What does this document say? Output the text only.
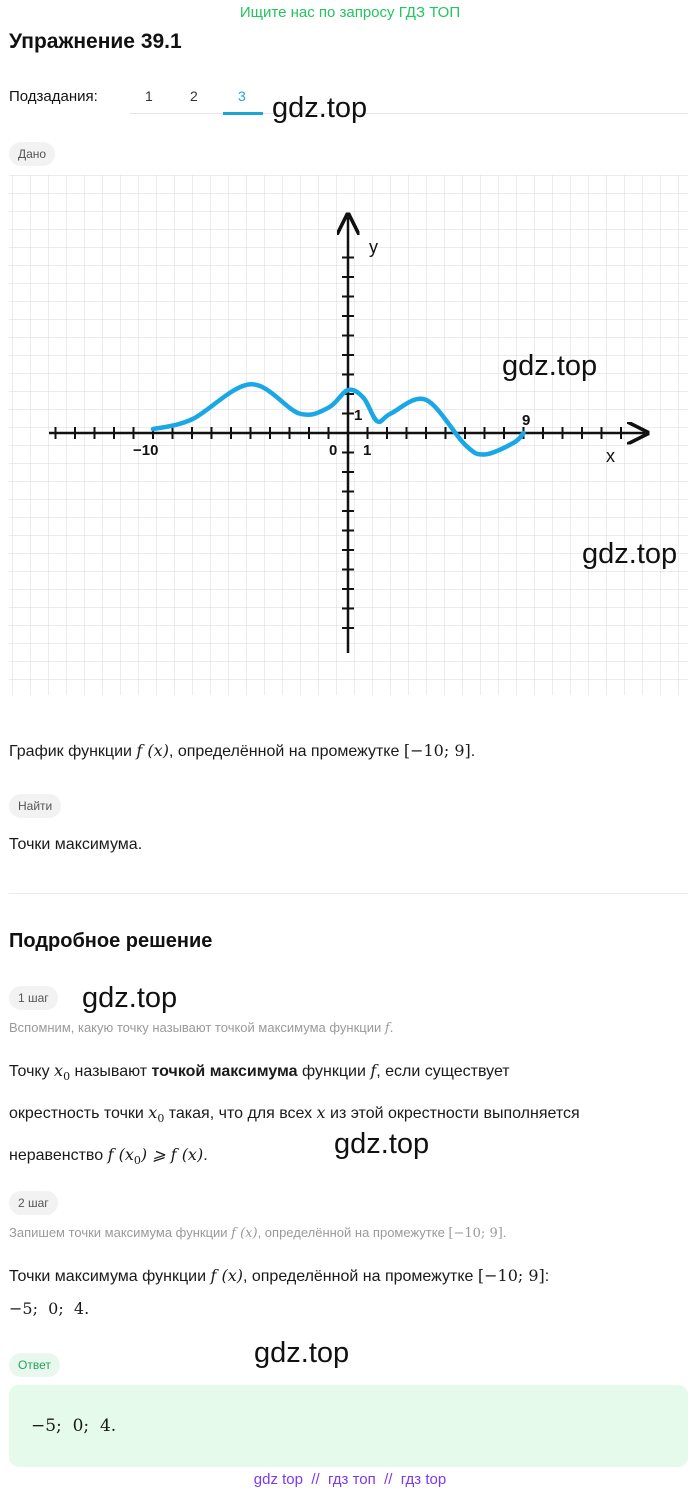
Ищите нас по запросу ГДЗ ТОП
Упражнение 39.1
Подзадания:	1	2	3 gdz.top
Дано
y
x
−10	0 1
1	9
gdz.top
gdz.top
График функции f (x), определённой на промежутке [−10; 9].
Найти
Точки максимума.
Подробное решение
1 шаг	gdz.top
Вспомним, какую точку называют точкой максимума функции f.
Точку $x_0$ называют точкой максимума функции f, если существует
окрестность точки $x_0$ такая, что для всех x из этой окрестности выполняется
неравенство f $(x_0)$ ⩾ f (x).	gdz.top
2 шаг
Запишем точки максимума функции f (x), определённой на промежутке [−10; 9].
Точки максимума функции f (x), определённой на промежутке [−10; 9]:
−5;  0;  4.
gdz.top
Ответ
−5;  0;  4.
gdz top  //  гдз топ  //  гдз top
